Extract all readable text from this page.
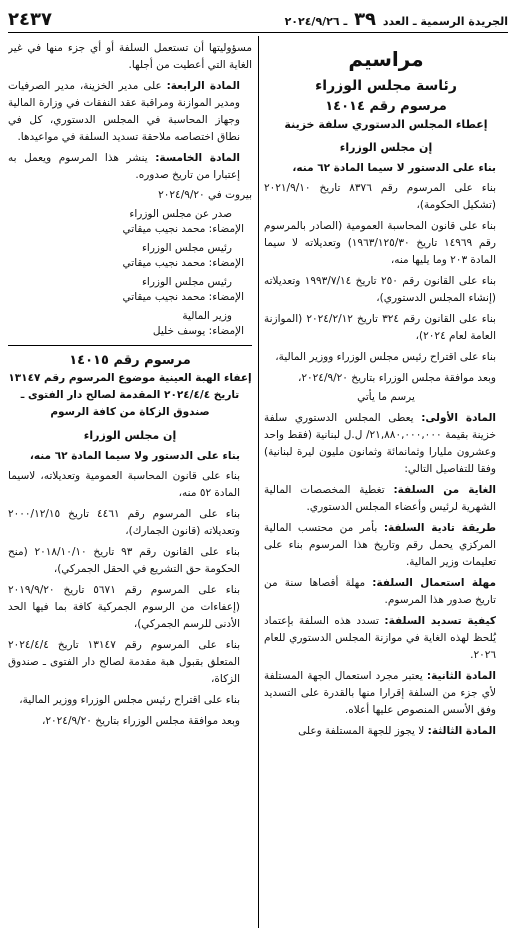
الجريدة الرسمية ـ العدد ٣٩ ـ ٢٠٢٤/٩/٢٦
٢٤٣٧

مراسيم

رئاسة مجلس الوزراء

مرسوم رقم ١٤٠١٤

إعطاء المجلس الدستوري سلفة خزينة

إن مجلس الوزراء

بناء على الدستور لا سيما المادة ٦٢ منه،

بناء على المرسوم رقم ٨٣٧٦ تاريخ ٢٠٢١/٩/١٠ (تشكيل الحكومة)،

بناء على قانون المحاسبة العمومية (الصادر بالمرسوم رقم ١٤٩٦٩ تاريخ ١٩٦٣/١٢٥/٣٠) وتعديلاته لا سيما المادة ٢٠٣ وما يليها منه،

بناء على القانون رقم ٢٥٠ تاريخ ١٩٩٣/٧/١٤ وتعديلاته (إنشاء المجلس الدستوري)،

بناء على القانون رقم ٣٢٤ تاريخ ٢٠٢٤/٢/١٢ (الموازنة العامة لعام ٢٠٢٤)،

بناء على اقتراح رئيس مجلس الوزراء ووزير المالية،

وبعد موافقة مجلس الوزراء بتاريخ ٢٠٢٤/٩/٢٠،

يرسم ما يأتي

المادة الأولى: يعطى المجلس الدستوري سلفة خزينة بقيمة ٢١,٨٨٠,٠٠٠,٠٠٠/ ل.ل لبنانية (فقط واحد وعشرون مليارا وثمانمائة وثمانون مليون ليرة لبنانية) وفقا للتفاصيل التالي:

الغاية من السلفة: تغطية المخصصات المالية الشهرية لرئيس وأعضاء المجلس الدستوري.

طريقة تادية السلفة: بأمر من محتسب المالية المركزي يحمل رقم وتاريخ هذا المرسوم بناء على تعليمات وزير المالية.

مهلة استعمال السلفة: مهلة أقصاها سنة من تاريخ صدور هذا المرسوم.

كيفية تسديد السلفة: تسدد هذه السلفة بإعتماد يُلحظ لهذه الغاية في موازنة المجلس الدستوري للعام ٢٠٢٦.

المادة الثانية: يعتبر مجرد استعمال الجهة المستلفة لأي جزء من السلفة إقرارا منها بالقدرة على التسديد وفق الأسس المنصوص عليها أعلاه.

المادة الثالثة: لا يجوز للجهة المستلفة وعلى

مسؤوليتها أن تستعمل السلفة أو أي جزء منها في غير الغاية التي أعطيت من أجلها.

المادة الرابعة: على مدير الخزينة، مدير الصرفيات ومدير الموازنة ومراقبة عقد النفقات في وزارة المالية وجهاز المحاسبة في المجلس الدستوري، كل في نطاق اختصاصه ملاحقة تسديد السلفة في مواعيدها.

المادة الخامسة: ينشر هذا المرسوم ويعمل به إعتبارا من تاريخ صدوره.

بيروت في ٢٠٢٤/٩/٢٠

صدر عن مجلس الوزراء

الإمضاء: محمد نجيب ميقاتي

رئيس مجلس الوزراء

الإمضاء: محمد نجيب ميقاتي

رئيس مجلس الوزراء

الإمضاء: محمد نجيب ميقاتي

وزير المالية

الإمضاء: يوسف خليل

مرسوم رقم ١٤٠١٥

إعفاء الهبة العينية موضوع المرسوم رقم ١٣١٤٧ تاريخ ٢٠٢٤/٤/٤ المقدمة لصالح دار الفتوى ـ صندوق الزكاة من كافة الرسوم

إن مجلس الوزراء

بناء على الدستور ولا سيما المادة ٦٢ منه،

بناء على قانون المحاسبة العمومية وتعديلاته، لاسيما المادة ٥٢ منه،

بناء على المرسوم رقم ٤٤٦١ تاريخ ٢٠٠٠/١٢/١٥ وتعديلاته (قانون الجمارك)،

بناء على القانون رقم ٩٣ تاريخ ٢٠١٨/١٠/١٠ (منح الحكومة حق التشريع في الحقل الجمركي)،

بناء على المرسوم رقم ٥٦٧١ تاريخ ٢٠١٩/٩/٢٠ (إعفاءات من الرسوم الجمركية كافة بما فيها الحد الأدنى للرسم الجمركي)،

بناء على المرسوم رقم ١٣١٤٧ تاريخ ٢٠٢٤/٤/٤ المتعلق بقبول هبة مقدمة لصالح دار الفتوى ـ صندوق الزكاة،

بناء على اقتراح رئيس مجلس الوزراء ووزير المالية،

وبعد موافقة مجلس الوزراء بتاريخ ٢٠٢٤/٩/٢٠،
